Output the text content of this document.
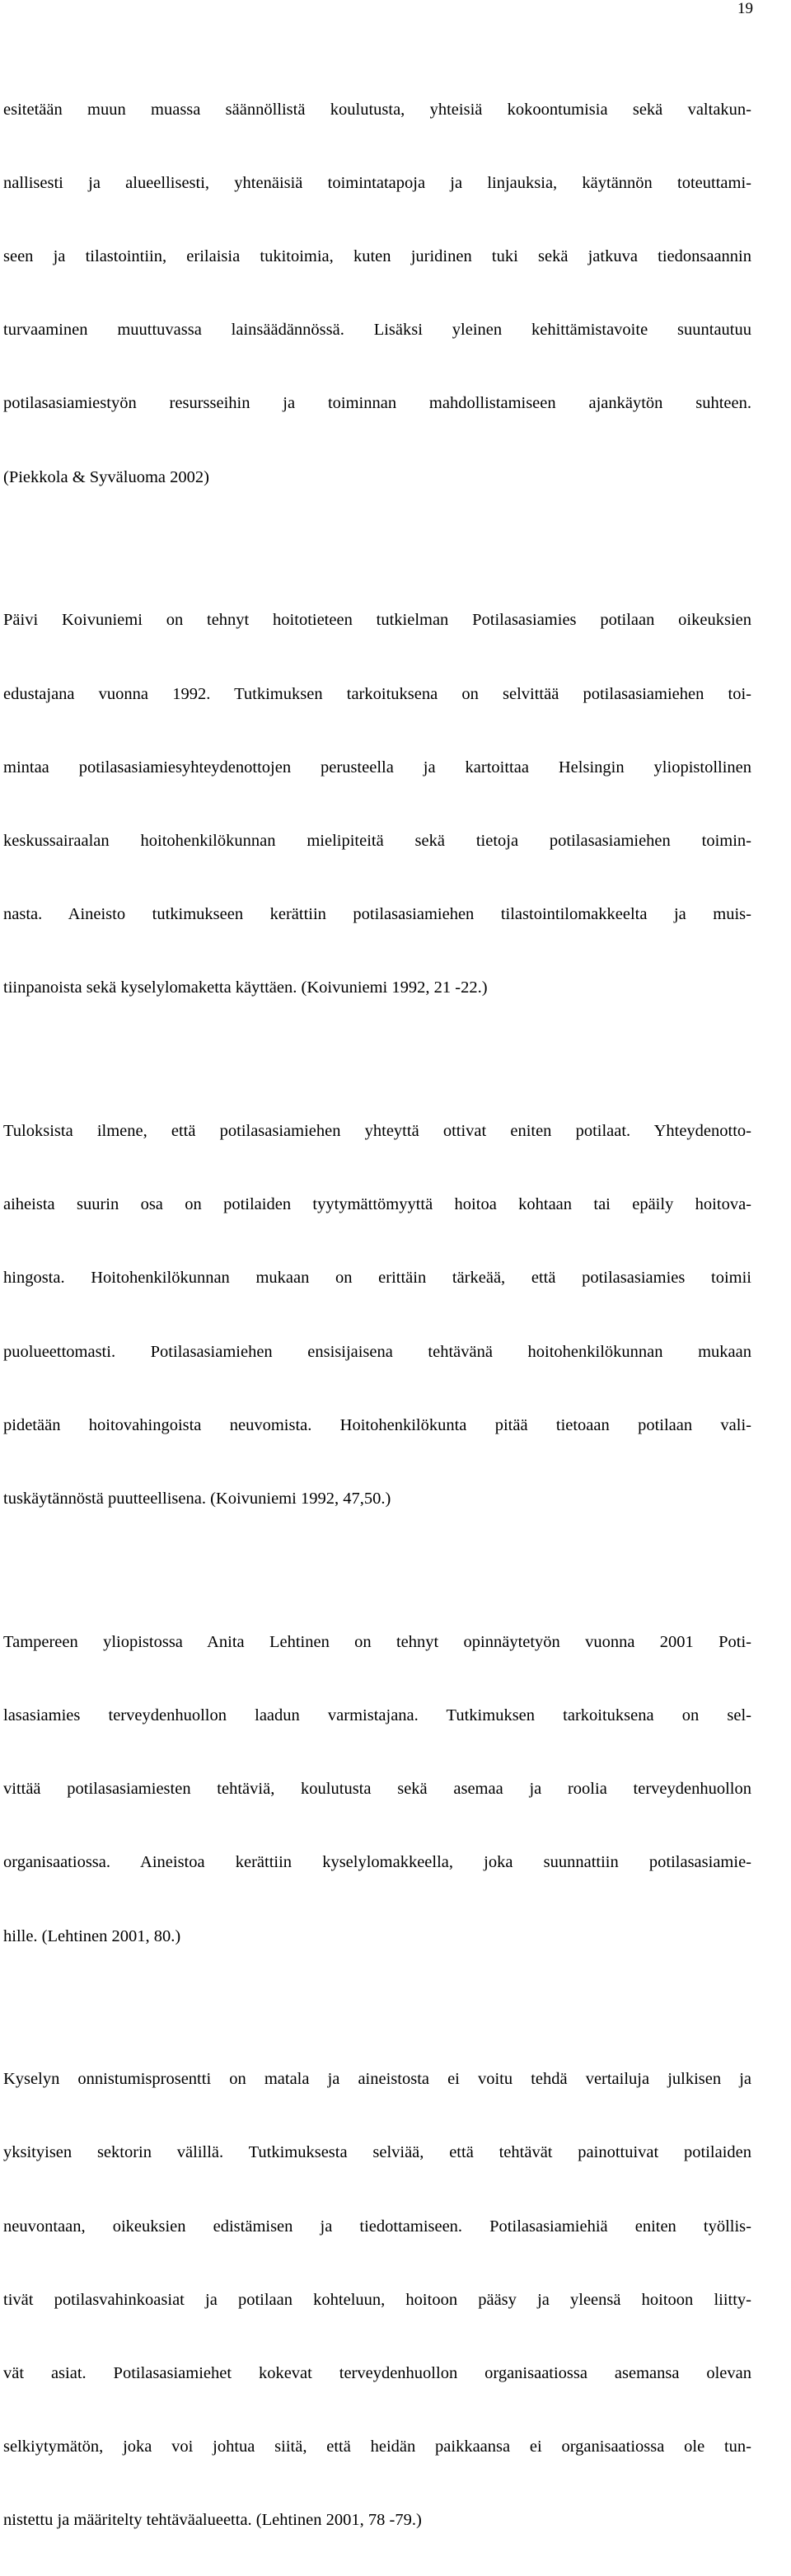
19

esitetään muun muassa säännöllistä koulutusta, yhteisiä kokoontumisia sekä valtakun-

nallisesti ja alueellisesti, yhtenäisiä toimintatapoja ja linjauksia, käytännön toteuttami-

seen ja tilastointiin, erilaisia tukitoimia, kuten juridinen tuki sekä jatkuva tiedonsaannin

turvaaminen muuttuvassa lainsäädännössä. Lisäksi yleinen kehittämistavoite suuntautuu

potilasasiamiestyön resursseihin ja toiminnan mahdollistamiseen ajankäytön suhteen.

(Piekkola & Syväluoma 2002)

Päivi Koivuniemi on tehnyt hoitotieteen tutkielman Potilasasiamies potilaan oikeuksien

edustajana vuonna 1992. Tutkimuksen tarkoituksena on selvittää potilasasiamiehen toi-

mintaa potilasasiamiesyhteydenottojen perusteella ja kartoittaa Helsingin yliopistollinen

keskussairaalan hoitohenkilökunnan mielipiteitä sekä tietoja potilasasiamiehen toimin-

nasta. Aineisto tutkimukseen kerättiin potilasasiamiehen tilastointilomakkeelta ja muis-

tiinpanoista sekä kyselylomaketta käyttäen. (Koivuniemi 1992, 21 -22.)

Tuloksista ilmene, että potilasasiamiehen yhteyttä ottivat eniten potilaat. Yhteydenotto-

aiheista suurin osa on potilaiden tyytymättömyyttä hoitoa kohtaan tai epäily hoitova-

hingosta. Hoitohenkilökunnan mukaan on erittäin tärkeää, että potilasasiamies toimii

puolueettomasti. Potilasasiamiehen ensisijaisena tehtävänä hoitohenkilökunnan mukaan

pidetään hoitovahingoista neuvomista. Hoitohenkilökunta pitää tietoaan potilaan vali-

tuskäytännöstä puutteellisena. (Koivuniemi 1992, 47,50.)

Tampereen yliopistossa Anita Lehtinen on tehnyt opinnäytetyön vuonna 2001 Poti-

lasasiamies terveydenhuollon laadun varmistajana. Tutkimuksen tarkoituksena on sel-

vittää potilasasiamiesten tehtäviä, koulutusta sekä asemaa ja roolia terveydenhuollon

organisaatiossa. Aineistoa kerättiin kyselylomakkeella, joka suunnattiin potilasasiamie-

hille. (Lehtinen 2001, 80.)

Kyselyn onnistumisprosentti on matala ja aineistosta ei voitu tehdä vertailuja julkisen ja

yksityisen sektorin välillä. Tutkimuksesta selviää, että tehtävät painottuivat potilaiden

neuvontaan, oikeuksien edistämisen ja tiedottamiseen. Potilasasiamiehiä eniten työllis-

tivät potilasvahinkoasiat ja potilaan kohteluun, hoitoon pääsy ja yleensä hoitoon liitty-

vät asiat. Potilasasiamiehet kokevat terveydenhuollon organisaatiossa asemansa olevan

selkiytymätön, joka voi johtua siitä, että heidän paikkaansa ei organisaatiossa ole tun-

nistettu ja määritelty tehtäväalueetta. (Lehtinen 2001, 78 -79.)
